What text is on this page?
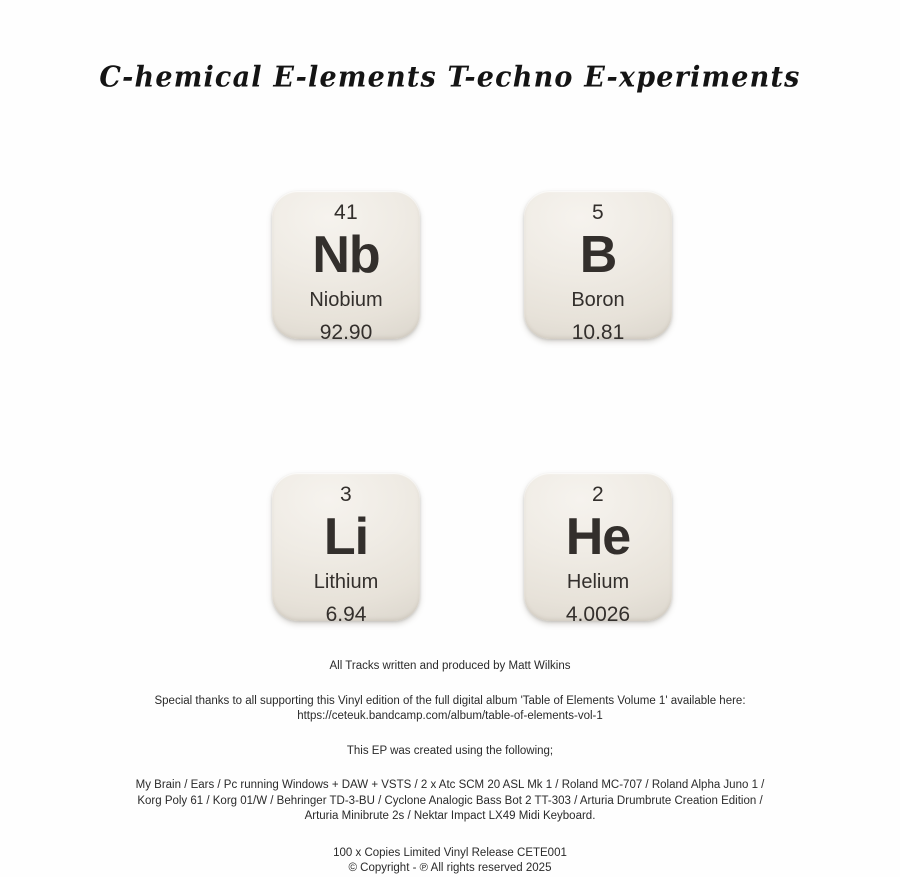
C-hemical E-lements T-echno E-xperiments
41
Nb
Niobium
92.90
5
B
Boron
10.81
3
Li
Lithium
6.94
2
He
Helium
4.0026
All Tracks written and produced by Matt Wilkins
Special thanks to all supporting this Vinyl edition of the full digital album 'Table of Elements Volume 1' available here:
https://ceteuk.bandcamp.com/album/table-of-elements-vol-1
This EP was created using the following;
My Brain / Ears / Pc running Windows + DAW + VSTS / 2 x Atc SCM 20 ASL Mk 1 / Roland MC-707 / Roland Alpha Juno 1 /
Korg Poly 61 / Korg 01/W / Behringer TD-3-BU / Cyclone Analogic Bass Bot 2 TT-303 / Arturia Drumbrute Creation Edition /
Arturia Minibrute 2s / Nektar Impact LX49 Midi Keyboard.
100 x Copies Limited Vinyl Release CETE001
© Copyright - ℗ All rights reserved 2025
